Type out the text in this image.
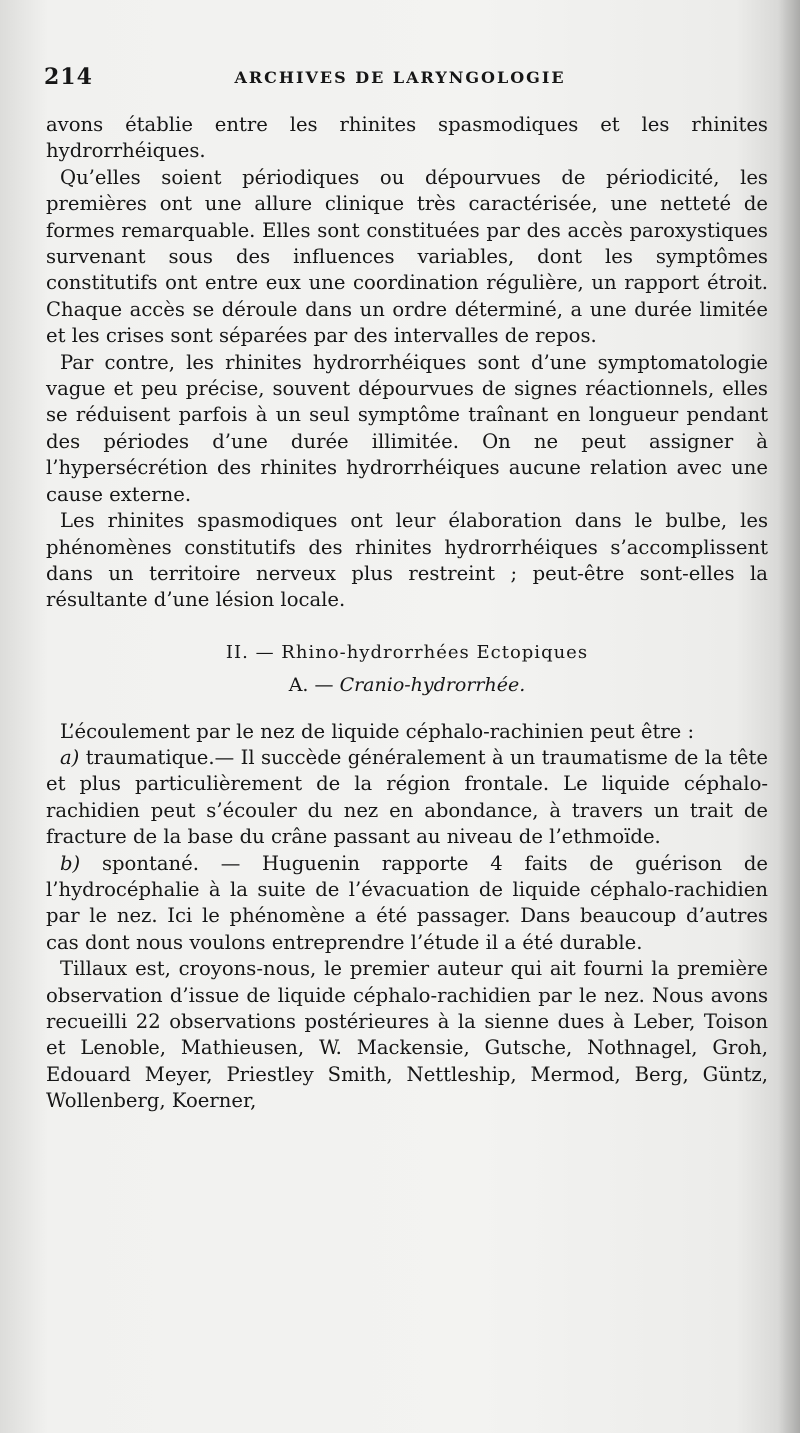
214	ARCHIVES DE LARYNGOLOGIE

avons établie entre les rhinites spasmodiques et les rhinites hydrorrhéiques.

Qu’elles soient périodiques ou dépourvues de périodicité, les premières ont une allure clinique très caractérisée, une netteté de formes remarquable. Elles sont constituées par des accès paroxystiques survenant sous des influences variables, dont les symptômes constitutifs ont entre eux une coordination régulière, un rapport étroit. Chaque accès se déroule dans un ordre déterminé, a une durée limitée et les crises sont séparées par des intervalles de repos.

Par contre, les rhinites hydrorrhéiques sont d’une symptomatologie vague et peu précise, souvent dépourvues de signes réactionnels, elles se réduisent parfois à un seul symptôme traînant en longueur pendant des périodes d’une durée illimitée. On ne peut assigner à l’hypersécrétion des rhinites hydrorrhéiques aucune relation avec une cause externe.

Les rhinites spasmodiques ont leur élaboration dans le bulbe, les phénomènes constitutifs des rhinites hydrorrhéiques s’accomplissent dans un territoire nerveux plus restreint ; peut-être sont-elles la résultante d’une lésion locale.

II. — Rhino-hydrorrhées Ectopiques
A. — Cranio-hydrorrhée.

L’écoulement par le nez de liquide céphalo-rachinien peut être :

a) traumatique.— Il succède généralement à un traumatisme de la tête et plus particulièrement de la région frontale. Le liquide céphalo-rachidien peut s’écouler du nez en abondance, à travers un trait de fracture de la base du crâne passant au niveau de l’ethmoïde.

b) spontané. — Huguenin rapporte 4 faits de guérison de l’hydrocéphalie à la suite de l’évacuation de liquide céphalo-rachidien par le nez. Ici le phénomène a été passager. Dans beaucoup d’autres cas dont nous voulons entreprendre l’étude il a été durable.

Tillaux est, croyons-nous, le premier auteur qui ait fourni la première observation d’issue de liquide céphalo-rachidien par le nez. Nous avons recueilli 22 observations postérieures à la sienne dues à Leber, Toison et Lenoble, Mathieusen, W. Mackensie, Gutsche, Nothnagel, Groh, Edouard Meyer, Priestley Smith, Nettleship, Mermod, Berg, Güntz, Wollenberg, Koerner,
